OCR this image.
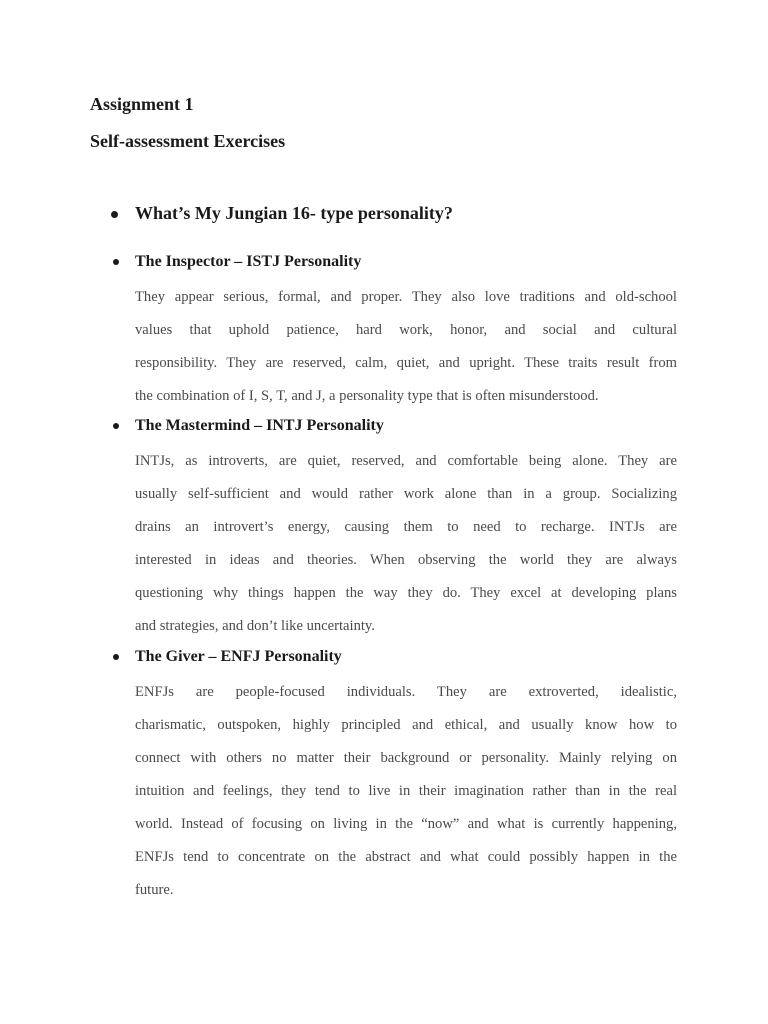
Assignment 1
Self-assessment Exercises
What’s My Jungian 16- type personality?
The Inspector – ISTJ Personality
They appear serious, formal, and proper. They also love traditions and old-school
values that uphold patience, hard work, honor, and social and cultural
responsibility. They are reserved, calm, quiet, and upright. These traits result from
the combination of I, S, T, and J, a personality type that is often misunderstood.
The Mastermind – INTJ Personality
INTJs, as introverts, are quiet, reserved, and comfortable being alone. They are
usually self-sufficient and would rather work alone than in a group. Socializing
drains an introvert’s energy, causing them to need to recharge. INTJs are
interested in ideas and theories. When observing the world they are always
questioning why things happen the way they do. They excel at developing plans
and strategies, and don’t like uncertainty.
The Giver – ENFJ Personality
ENFJs are people-focused individuals. They are extroverted, idealistic,
charismatic, outspoken, highly principled and ethical, and usually know how to
connect with others no matter their background or personality. Mainly relying on
intuition and feelings, they tend to live in their imagination rather than in the real
world. Instead of focusing on living in the “now” and what is currently happening,
ENFJs tend to concentrate on the abstract and what could possibly happen in the
future.
